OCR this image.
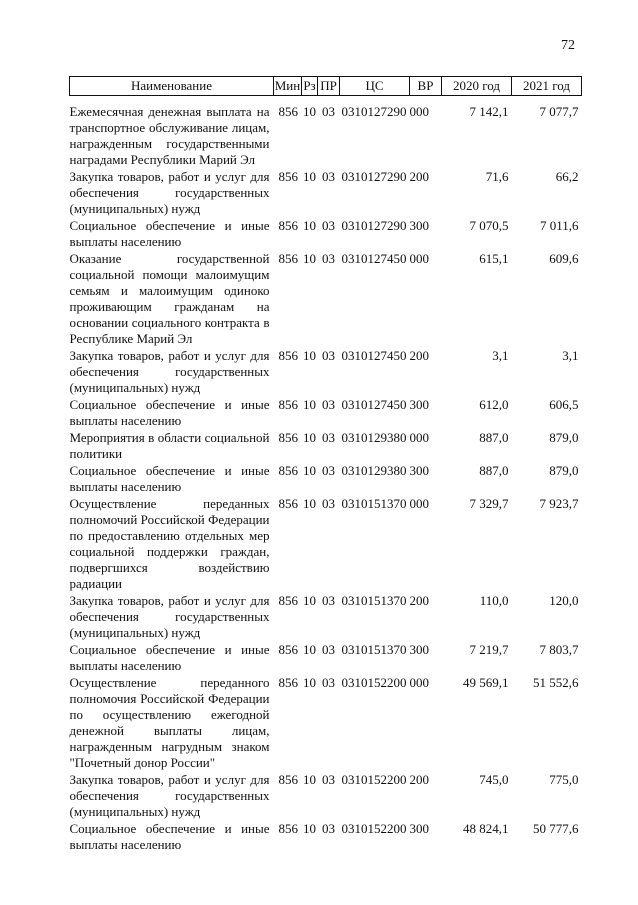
72
Наименование	Мин	Рз	ПР	ЦС	ВР	2020 год	2021 год
Ежемесячная денежная выплата на транспортное обслуживание лицам, награжденным государственными наградами Республики Марий Эл	856	10	03	0310127290	000	7 142,1	7 077,7
Закупка товаров, работ и услуг для обеспечения государственных (муниципальных) нужд	856	10	03	0310127290	200	71,6	66,2
Социальное обеспечение и иные выплаты населению	856	10	03	0310127290	300	7 070,5	7 011,6
Оказание государственной социальной помощи малоимущим семьям и малоимущим одиноко проживающим гражданам на основании социального контракта в Республике Марий Эл	856	10	03	0310127450	000	615,1	609,6
Закупка товаров, работ и услуг для обеспечения государственных (муниципальных) нужд	856	10	03	0310127450	200	3,1	3,1
Социальное обеспечение и иные выплаты населению	856	10	03	0310127450	300	612,0	606,5
Мероприятия в области социальной политики	856	10	03	0310129380	000	887,0	879,0
Социальное обеспечение и иные выплаты населению	856	10	03	0310129380	300	887,0	879,0
Осуществление переданных полномочий Российской Федерации по предоставлению отдельных мер социальной поддержки граждан, подвергшихся воздействию радиации	856	10	03	0310151370	000	7 329,7	7 923,7
Закупка товаров, работ и услуг для обеспечения государственных (муниципальных) нужд	856	10	03	0310151370	200	110,0	120,0
Социальное обеспечение и иные выплаты населению	856	10	03	0310151370	300	7 219,7	7 803,7
Осуществление переданного полномочия Российской Федерации по осуществлению ежегодной денежной выплаты лицам, награжденным нагрудным знаком "Почетный донор России"	856	10	03	0310152200	000	49 569,1	51 552,6
Закупка товаров, работ и услуг для обеспечения государственных (муниципальных) нужд	856	10	03	0310152200	200	745,0	775,0
Социальное обеспечение и иные выплаты населению	856	10	03	0310152200	300	48 824,1	50 777,6
